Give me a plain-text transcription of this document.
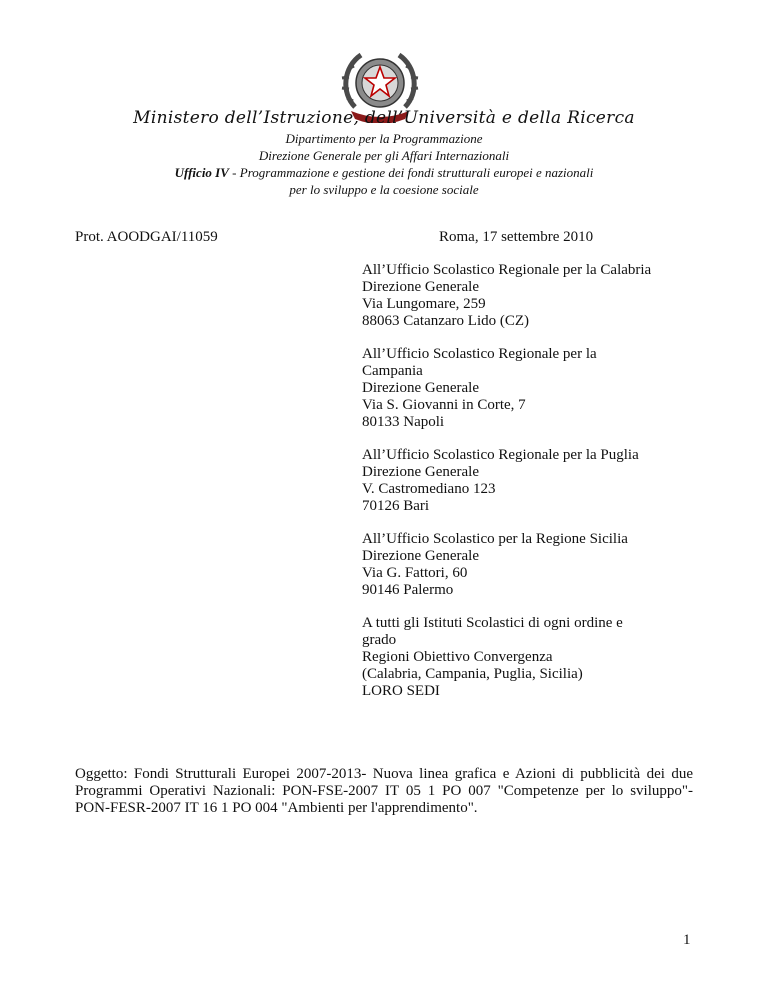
Ministero dell’Istruzione, dell’Università e della Ricerca
Dipartimento per la Programmazione
Direzione Generale per gli Affari Internazionali
Ufficio IV - Programmazione e gestione dei fondi strutturali europei e nazionali
per lo sviluppo e la coesione sociale
Prot. AOODGAI/11059	Roma, 17 settembre 2010
All’Ufficio Scolastico Regionale per la Calabria
Direzione Generale
Via Lungomare, 259
88063 Catanzaro Lido (CZ)
All’Ufficio Scolastico Regionale per la
Campania
Direzione Generale
Via S. Giovanni in Corte, 7
80133 Napoli
All’Ufficio Scolastico Regionale per la Puglia
Direzione Generale
V. Castromediano 123
70126 Bari
All’Ufficio Scolastico per la Regione Sicilia
Direzione Generale
Via G. Fattori, 60
90146 Palermo
A tutti gli Istituti Scolastici di ogni ordine e
grado
Regioni Obiettivo Convergenza
(Calabria, Campania, Puglia, Sicilia)
LORO SEDI
Oggetto: Fondi Strutturali Europei 2007-2013- Nuova linea grafica e Azioni di pubblicità dei due Programmi Operativi Nazionali: PON-FSE-2007 IT 05 1 PO 007 "Competenze per lo sviluppo"- PON-FESR-2007 IT 16 1 PO 004 "Ambienti per l'apprendimento".
1
